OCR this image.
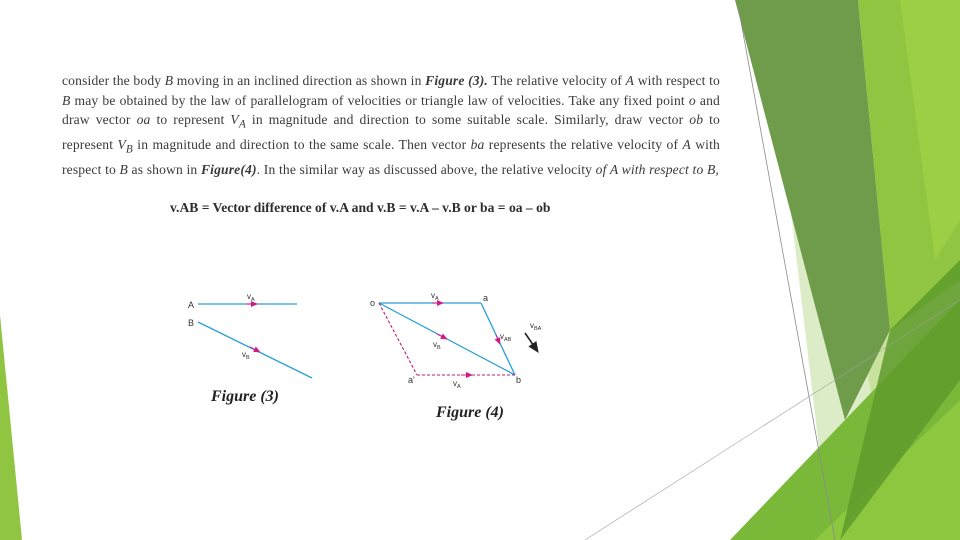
consider the body B moving in an inclined direction as shown in Figure (3). The relative velocity of A with respect to B may be obtained by the law of parallelogram of velocities or triangle law of velocities. Take any fixed point o and draw vector oa to represent $V_A$ in magnitude and direction to some suitable scale. Similarly, draw vector ob to represent $V_B$ in magnitude and direction to the same scale. Then vector ba represents the relative velocity of A with respect to B as shown in Figure(4). In the similar way as discussed above, the relative velocity of A with respect to B,
v.AB = Vector difference of v.A and v.B = v.A – v.B or ba = oa – ob
A
B
$v_A$
$v_B$
Figure (3)
o	a
b
a'
$v_A$
$v_B$
$v_{AB}$
$v_{BA}$
$v_A$
Figure (4)
